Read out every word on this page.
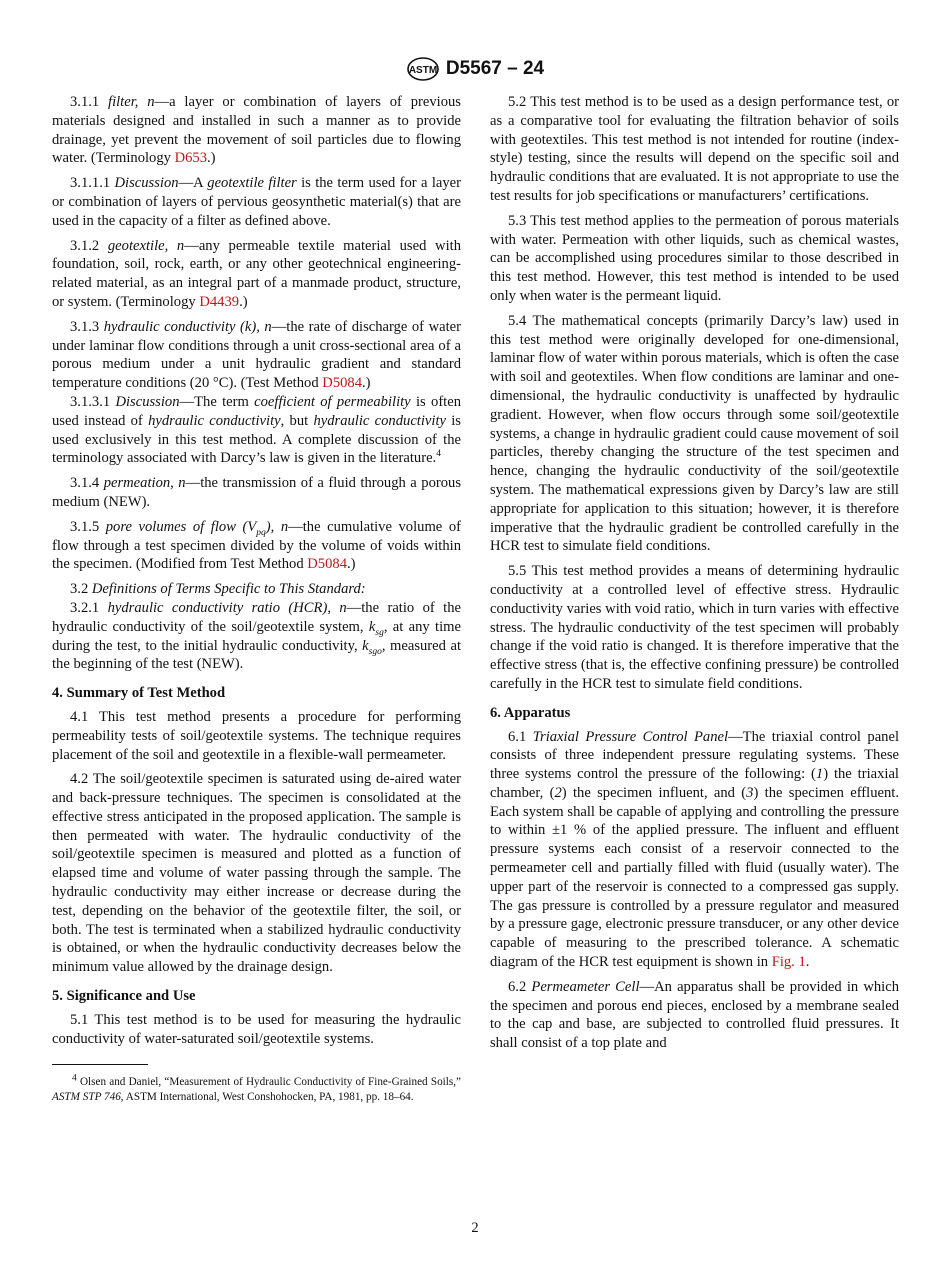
ASTM D5567 – 24

3.1.1 filter, n—a layer or combination of layers of previous materials designed and installed in such a manner as to provide drainage, yet prevent the movement of soil particles due to flowing water. (Terminology D653.)

3.1.1.1 Discussion—A geotextile filter is the term used for a layer or combination of layers of pervious geosynthetic material(s) that are used in the capacity of a filter as defined above.

3.1.2 geotextile, n—any permeable textile material used with foundation, soil, rock, earth, or any other geotechnical engineering-related material, as an integral part of a manmade product, structure, or system. (Terminology D4439.)

3.1.3 hydraulic conductivity (k), n—the rate of discharge of water under laminar flow conditions through a unit cross-sectional area of a porous medium under a unit hydraulic gradient and standard temperature conditions (20 °C). (Test Method D5084.)

3.1.3.1 Discussion—The term coefficient of permeability is often used instead of hydraulic conductivity, but hydraulic conductivity is used exclusively in this test method. A complete discussion of the terminology associated with Darcy’s law is given in the literature.$^4$

3.1.4 permeation, n—the transmission of a fluid through a porous medium (NEW).

3.1.5 pore volumes of flow $(V_{pq})$, n—the cumulative volume of flow through a test specimen divided by the volume of voids within the specimen. (Modified from Test Method D5084.)

3.2 Definitions of Terms Specific to This Standard:

3.2.1 hydraulic conductivity ratio (HCR), n—the ratio of the hydraulic conductivity of the soil/geotextile system, $k_{sg}$, at any time during the test, to the initial hydraulic conductivity, $k_{sgo}$, measured at the beginning of the test (NEW).

4. Summary of Test Method

4.1 This test method presents a procedure for performing permeability tests of soil/geotextile systems. The technique requires placement of the soil and geotextile in a flexible-wall permeameter.

4.2 The soil/geotextile specimen is saturated using de-aired water and back-pressure techniques. The specimen is consolidated at the effective stress anticipated in the proposed application. The sample is then permeated with water. The hydraulic conductivity of the soil/geotextile specimen is measured and plotted as a function of elapsed time and volume of water passing through the sample. The hydraulic conductivity may either increase or decrease during the test, depending on the behavior of the geotextile filter, the soil, or both. The test is terminated when a stabilized hydraulic conductivity is obtained, or when the hydraulic conductivity decreases below the minimum value allowed by the drainage design.

5. Significance and Use

5.1 This test method is to be used for measuring the hydraulic conductivity of water-saturated soil/geotextile systems.

$^4$ Olsen and Daniel, “Measurement of Hydraulic Conductivity of Fine-Grained Soils,” ASTM STP 746, ASTM International, West Conshohocken, PA, 1981, pp. 18–64.

5.2 This test method is to be used as a design performance test, or as a comparative tool for evaluating the filtration behavior of soils with geotextiles. This test method is not intended for routine (index-style) testing, since the results will depend on the specific soil and hydraulic conditions that are evaluated. It is not appropriate to use the test results for job specifications or manufacturers’ certifications.

5.3 This test method applies to the permeation of porous materials with water. Permeation with other liquids, such as chemical wastes, can be accomplished using procedures similar to those described in this test method. However, this test method is intended to be used only when water is the permeant liquid.

5.4 The mathematical concepts (primarily Darcy’s law) used in this test method were originally developed for one-dimensional, laminar flow of water within porous materials, which is often the case with soil and geotextiles. When flow conditions are laminar and one-dimensional, the hydraulic conductivity is unaffected by hydraulic gradient. However, when flow occurs through some soil/geotextile systems, a change in hydraulic gradient could cause movement of soil particles, thereby changing the structure of the test specimen and hence, changing the hydraulic conductivity of the soil/geotextile system. The mathematical expressions given by Darcy’s law are still appropriate for application to this situation; however, it is therefore imperative that the hydraulic gradient be controlled carefully in the HCR test to simulate field conditions.

5.5 This test method provides a means of determining hydraulic conductivity at a controlled level of effective stress. Hydraulic conductivity varies with void ratio, which in turn varies with effective stress. The hydraulic conductivity of the test specimen will probably change if the void ratio is changed. It is therefore imperative that the effective stress (that is, the effective confining pressure) be controlled carefully in the HCR test to simulate field conditions.

6. Apparatus

6.1 Triaxial Pressure Control Panel—The triaxial control panel consists of three independent pressure regulating systems. These three systems control the pressure of the following: (1) the triaxial chamber, (2) the specimen influent, and (3) the specimen effluent. Each system shall be capable of applying and controlling the pressure to within ±1 % of the applied pressure. The influent and effluent pressure systems each consist of a reservoir connected to the permeameter cell and partially filled with fluid (usually water). The upper part of the reservoir is connected to a compressed gas supply. The gas pressure is controlled by a pressure regulator and measured by a pressure gage, electronic pressure transducer, or any other device capable of measuring to the prescribed tolerance. A schematic diagram of the HCR test equipment is shown in Fig. 1.

6.2 Permeameter Cell—An apparatus shall be provided in which the specimen and porous end pieces, enclosed by a membrane sealed to the cap and base, are subjected to controlled fluid pressures. It shall consist of a top plate and

2
